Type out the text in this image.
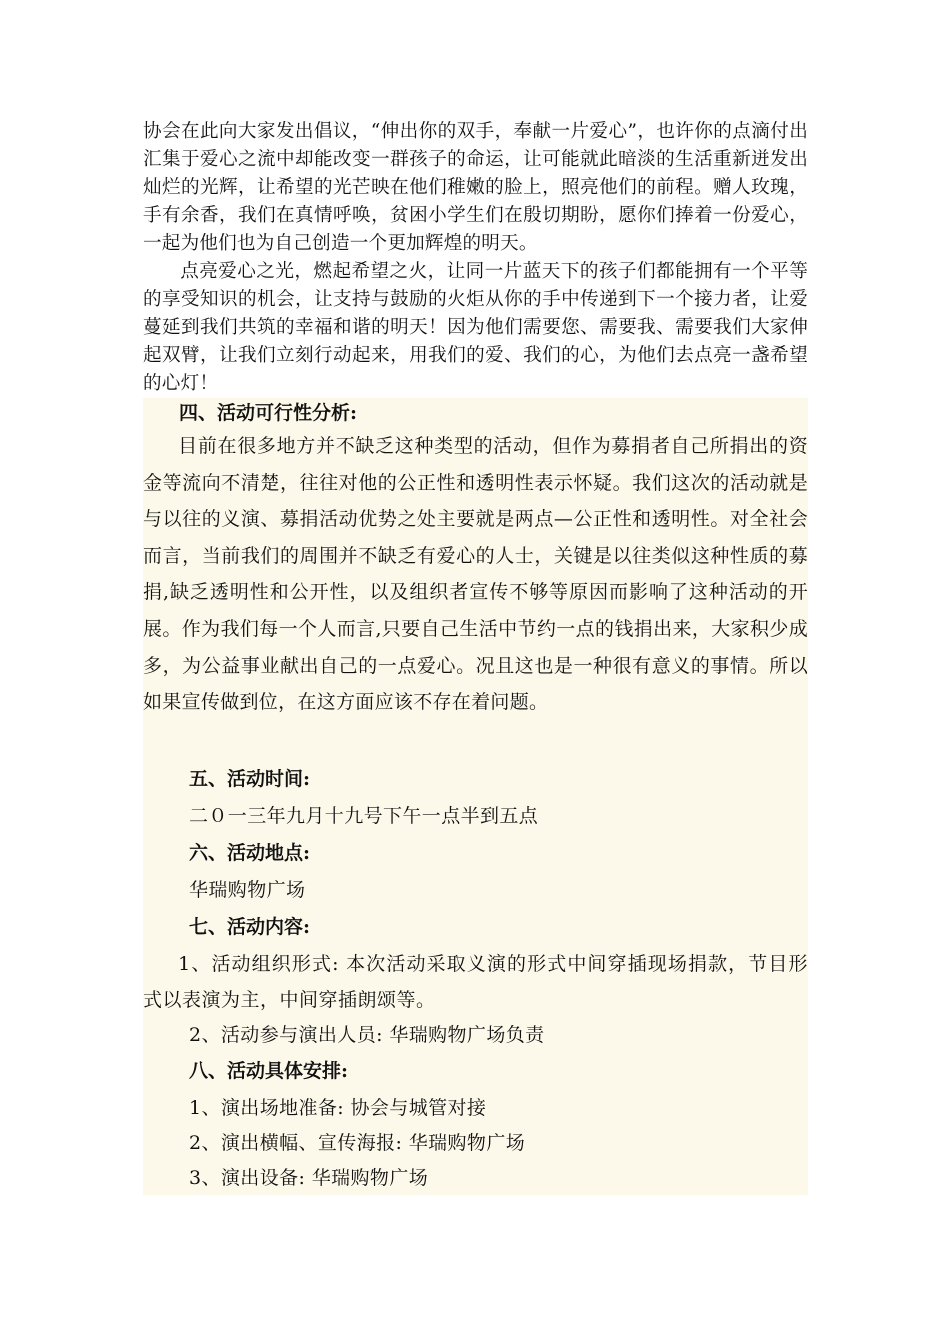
协会在此向大家发出倡议，“伸出你的双手，奉献一片爱心”，也许你的点滴付出汇集于爱心之流中却能改变一群孩子的命运，让可能就此暗淡的生活重新迸发出灿烂的光辉，让希望的光芒映在他们稚嫩的脸上，照亮他们的前程。赠人玫瑰，手有余香，我们在真情呼唤，贫困小学生们在殷切期盼，愿你们捧着一份爱心，一起为他们也为自己创造一个更加辉煌的明天。

点亮爱心之光，燃起希望之火，让同一片蓝天下的孩子们都能拥有一个平等的享受知识的机会，让支持与鼓励的火炬从你的手中传递到下一个接力者，让爱蔓延到我们共筑的幸福和谐的明天！因为他们需要您、需要我、需要我们大家伸起双臂，让我们立刻行动起来，用我们的爱、我们的心，为他们去点亮一盏希望的心灯！

四、活动可行性分析:
目前在很多地方并不缺乏这种类型的活动，但作为募捐者自己所捐出的资金等流向不清楚，往往对他的公正性和透明性表示怀疑。我们这次的活动就是与以往的义演、募捐活动优势之处主要就是两点—公正性和透明性。对全社会而言，当前我们的周围并不缺乏有爱心的人士，关键是以往类似这种性质的募捐,缺乏透明性和公开性，以及组织者宣传不够等原因而影响了这种活动的开展。作为我们每一个人而言,只要自己生活中节约一点的钱捐出来，大家积少成多，为公益事业献出自己的一点爱心。况且这也是一种很有意义的事情。所以如果宣传做到位，在这方面应该不存在着问题。
五、活动时间:
二０一三年九月十九号下午一点半到五点
六、活动地点:
华瑞购物广场
七、活动内容:
1、活动组织形式: 本次活动采取义演的形式中间穿插现场捐款，节目形式以表演为主，中间穿插朗颂等。
2、活动参与演出人员: 华瑞购物广场负责
八、活动具体安排:
1、演出场地准备: 协会与城管对接
2、演出横幅、宣传海报: 华瑞购物广场
3、演出设备: 华瑞购物广场
